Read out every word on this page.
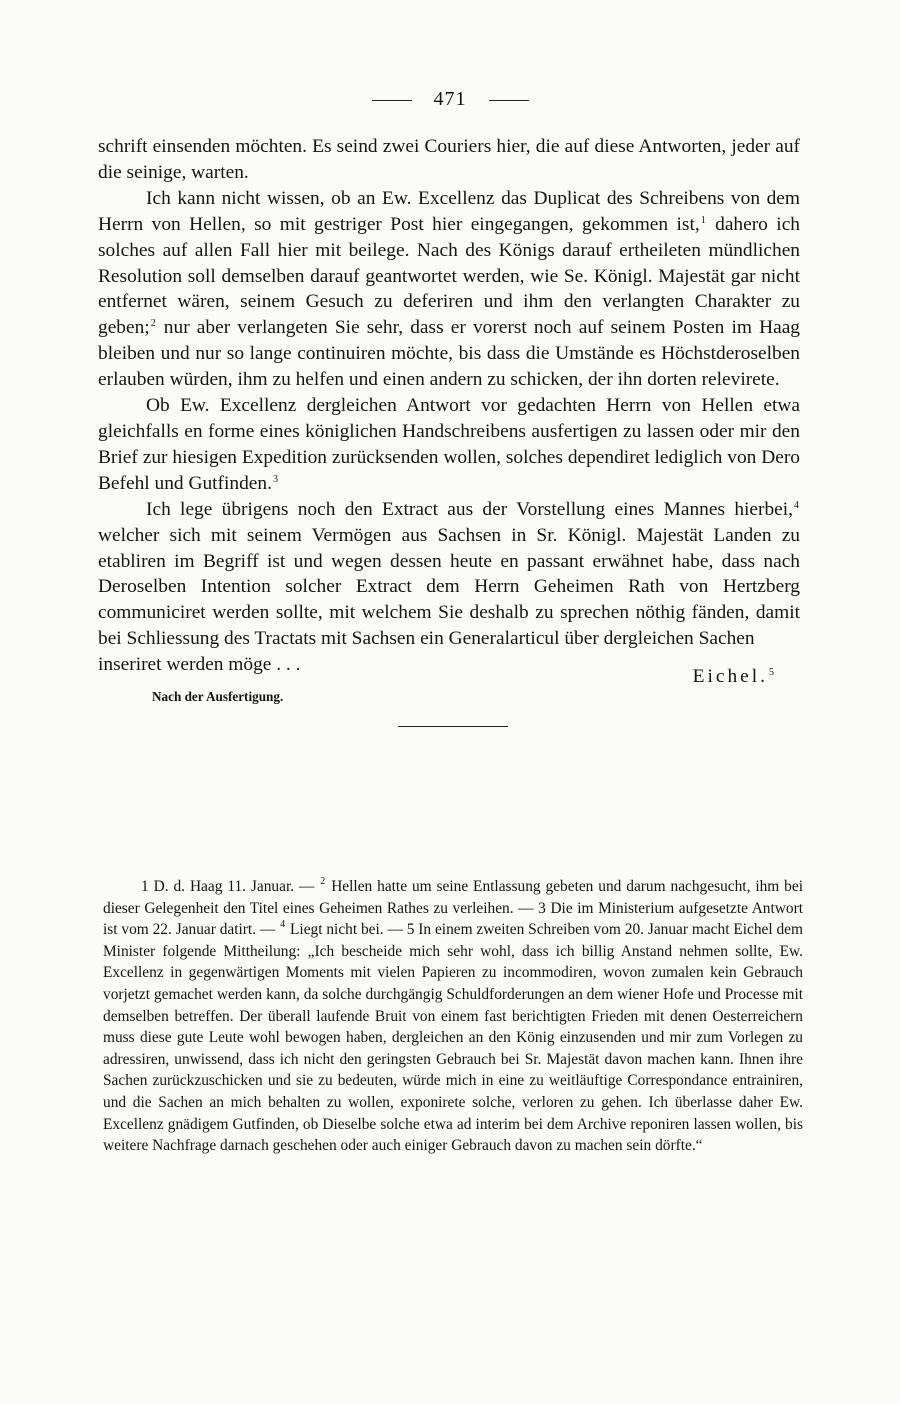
471

schrift einsenden möchten. Es seind zwei Couriers hier, die auf diese Antworten, jeder auf die seinige, warten.

Ich kann nicht wissen, ob an Ew. Excellenz das Duplicat des Schreibens von dem Herrn von Hellen, so mit gestriger Post hier eingegangen, gekommen ist,$^1$ dahero ich solches auf allen Fall hier mit beilege. Nach des Königs darauf ertheileten mündlichen Resolution soll demselben darauf geantwortet werden, wie Se. Königl. Majestät gar nicht entfernet wären, seinem Gesuch zu deferiren und ihm den verlangten Charakter zu geben;$^2$ nur aber verlangeten Sie sehr, dass er vorerst noch auf seinem Posten im Haag bleiben und nur so lange continuiren möchte, bis dass die Umstände es Höchstderoselben erlauben würden, ihm zu helfen und einen andern zu schicken, der ihn dorten relevirete.

Ob Ew. Excellenz dergleichen Antwort vor gedachten Herrn von Hellen etwa gleichfalls en forme eines königlichen Handschreibens ausfertigen zu lassen oder mir den Brief zur hiesigen Expedition zurücksenden wollen, solches dependiret lediglich von Dero Befehl und Gutfinden.$^3$

Ich lege übrigens noch den Extract aus der Vorstellung eines Mannes hierbei,$^4$ welcher sich mit seinem Vermögen aus Sachsen in Sr. Königl. Majestät Landen zu etabliren im Begriff ist und wegen dessen heute en passant erwähnet habe, dass nach Deroselben Intention solcher Extract dem Herrn Geheimen Rath von Hertzberg communiciret werden sollte, mit welchem Sie deshalb zu sprechen nöthig fänden, damit bei Schliessung des Tractats mit Sachsen ein Generalarticul über dergleichen Sachen

inseriret werden möge . . .
Eichel.$^5$
Nach der Ausfertigung.

1 D. d. Haag 11. Januar. — $^2$ Hellen hatte um seine Entlassung gebeten und darum nachgesucht, ihm bei dieser Gelegenheit den Titel eines Geheimen Rathes zu verleihen. — 3 Die im Ministerium aufgesetzte Antwort ist vom 22. Januar datirt. — $^4$ Liegt nicht bei. — 5 In einem zweiten Schreiben vom 20. Januar macht Eichel dem Minister folgende Mittheilung: „Ich bescheide mich sehr wohl, dass ich billig Anstand nehmen sollte, Ew. Excellenz in gegenwärtigen Moments mit vielen Papieren zu incommodiren, wovon zumalen kein Gebrauch vorjetzt gemachet werden kann, da solche durchgängig Schuldforderungen an dem wiener Hofe und Processe mit demselben betreffen. Der überall laufende Bruit von einem fast berichtigten Frieden mit denen Oesterreichern muss diese gute Leute wohl bewogen haben, dergleichen an den König einzusenden und mir zum Vorlegen zu adressiren, unwissend, dass ich nicht den geringsten Gebrauch bei Sr. Majestät davon machen kann. Ihnen ihre Sachen zurückzuschicken und sie zu bedeuten, würde mich in eine zu weitläuftige Correspondance entrainiren, und die Sachen an mich behalten zu wollen, exponirete solche, verloren zu gehen. Ich überlasse daher Ew. Excellenz gnädigem Gutfinden, ob Dieselbe solche etwa ad interim bei dem Archive reponiren lassen wollen, bis weitere Nachfrage darnach geschehen oder auch einiger Gebrauch davon zu machen sein dörfte.“
